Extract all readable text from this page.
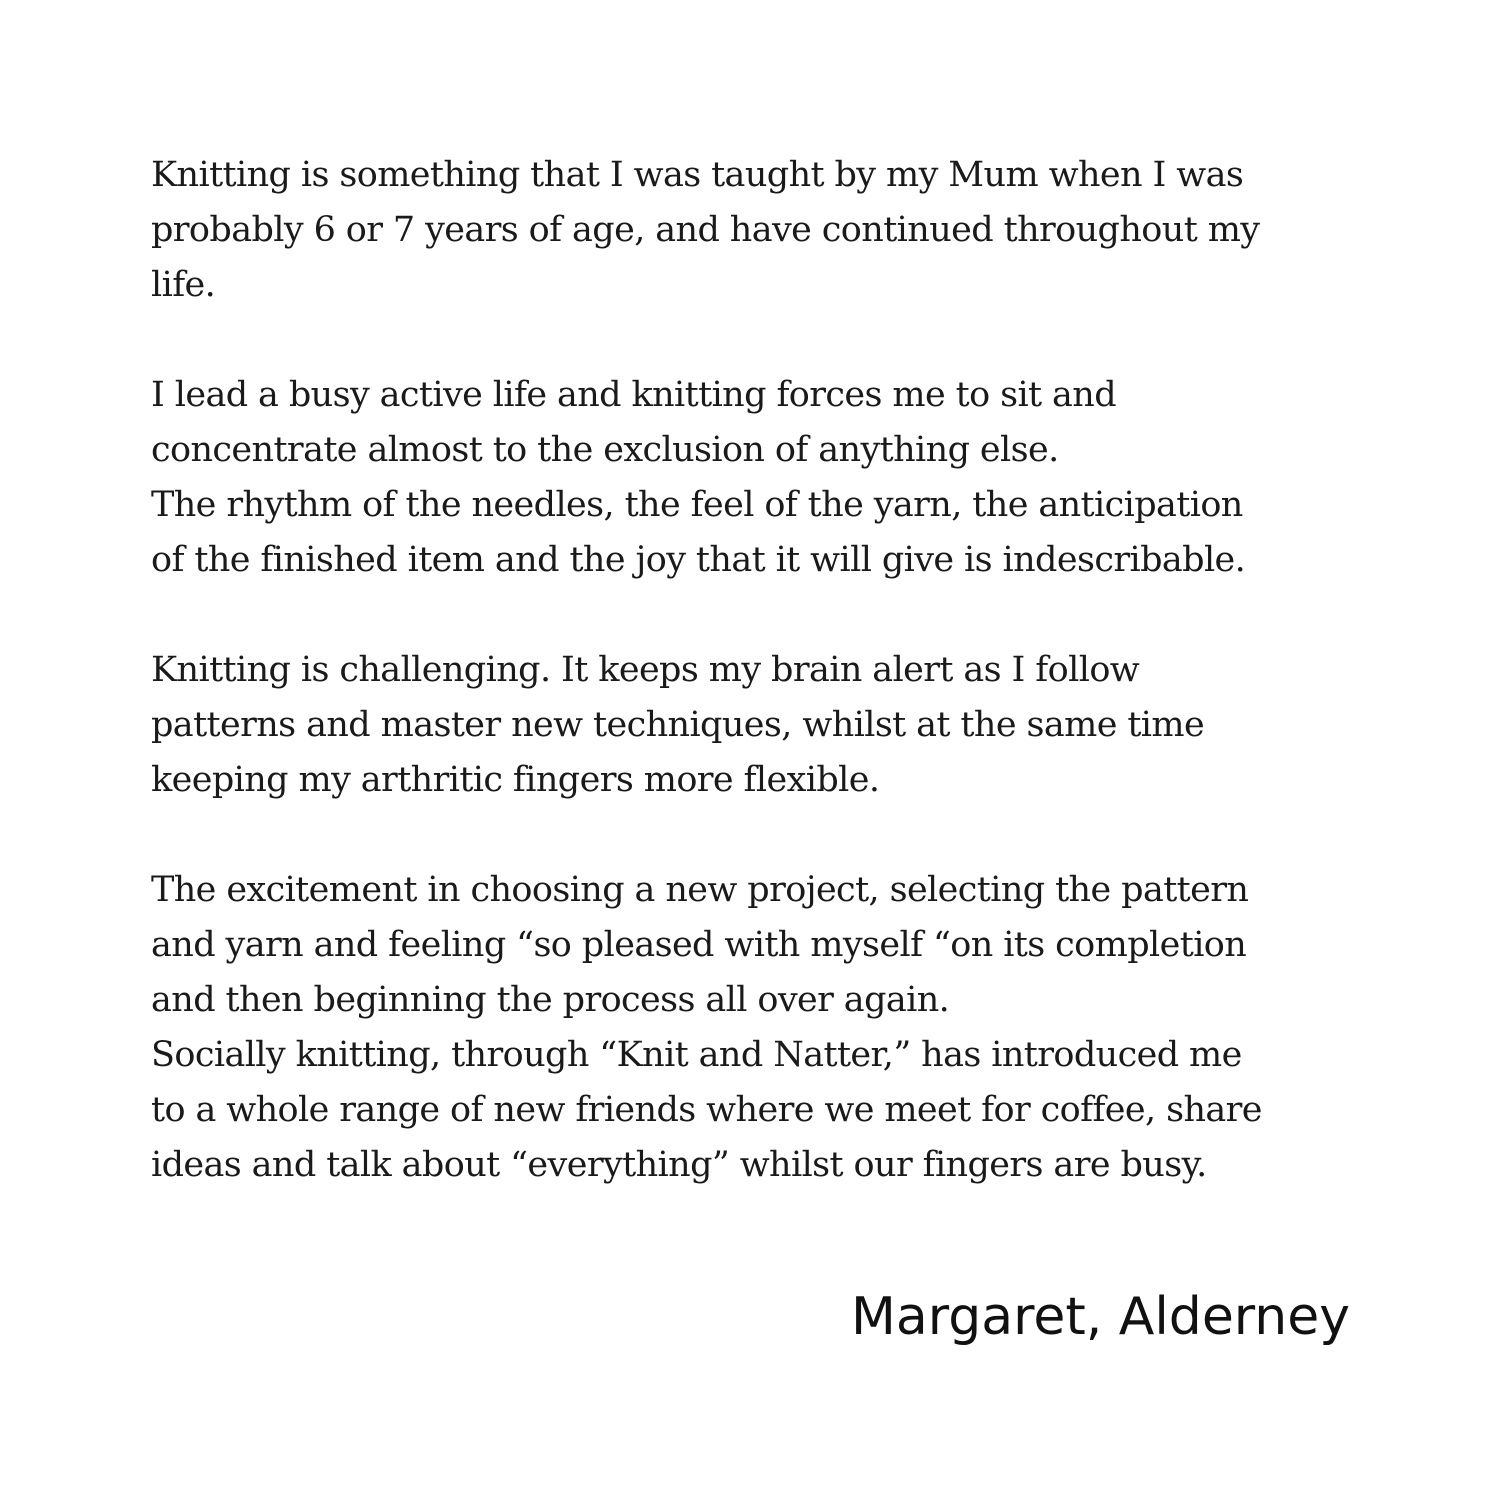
Knitting is something that I was taught by my Mum when I was
probably 6 or 7 years of age, and have continued throughout my
life.
I lead a busy active life and knitting forces me to sit and
concentrate almost to the exclusion of anything else.
The rhythm of the needles, the feel of the yarn, the anticipation
of the finished item and the joy that it will give is indescribable.
Knitting is challenging. It keeps my brain alert as I follow
patterns and master new techniques, whilst at the same time
keeping my arthritic fingers more flexible.
The excitement in choosing a new project, selecting the pattern
and yarn and feeling “so pleased with myself “on its completion
and then beginning the process all over again.
Socially knitting, through “Knit and Natter,” has introduced me
to a whole range of new friends where we meet for coffee, share
ideas and talk about “everything” whilst our fingers are busy.
Margaret, Alderney
